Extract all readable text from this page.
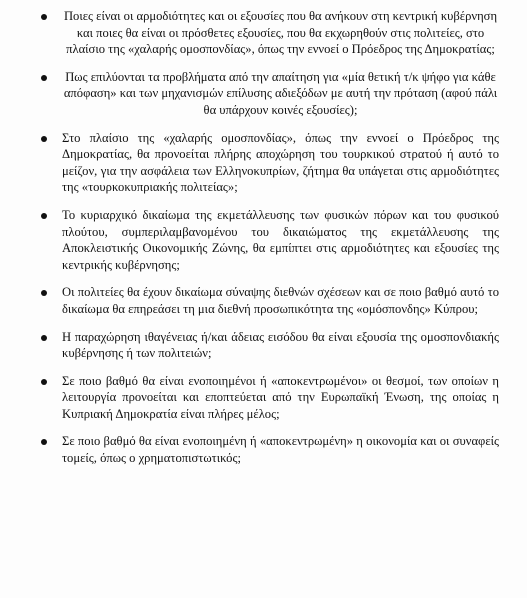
Ποιες είναι οι αρμοδιότητες και οι εξουσίες που θα ανήκουν στη κεντρική κυβέρνηση και ποιες θα είναι οι πρόσθετες εξουσίες, που θα εκχωρηθούν στις πολιτείες, στο πλαίσιο της «χαλαρής ομοσπονδίας», όπως την εννοεί ο Πρόεδρος της Δημοκρατίας;
Πως επιλύονται τα προβλήματα από την απαίτηση για «μία θετική τ/κ ψήφο για κάθε απόφαση» και των μηχανισμών επίλυσης αδιεξόδων με αυτή την πρόταση (αφού πάλι θα υπάρχουν κοινές εξουσίες);
Στο πλαίσιο της «χαλαρής ομοσπονδίας», όπως την εννοεί ο Πρόεδρος της Δημοκρατίας, θα προνοείται πλήρης αποχώρηση του τουρκικού στρατού ή αυτό το μείζον, για την ασφάλεια των Ελληνοκυπρίων, ζήτημα θα υπάγεται στις αρμοδιότητες της «τουρκοκυπριακής πολιτείας»;
Το κυριαρχικό δικαίωμα της εκμετάλλευσης των φυσικών πόρων και του φυσικού πλούτου, συμπεριλαμβανομένου του δικαιώματος της εκμετάλλευσης της Αποκλειστικής Οικονομικής Ζώνης, θα εμπίπτει στις αρμοδιότητες και εξουσίες της κεντρικής κυβέρνησης;
Οι πολιτείες θα έχουν δικαίωμα σύναψης διεθνών σχέσεων και σε ποιο βαθμό αυτό το δικαίωμα θα επηρεάσει τη μια διεθνή προσωπικότητα της «ομόσπονδης» Κύπρου;
Η παραχώρηση ιθαγένειας ή/και άδειας εισόδου θα είναι εξουσία της ομοσπονδιακής κυβέρνησης ή των πολιτειών;
Σε ποιο βαθμό θα είναι ενοποιημένοι ή «αποκεντρωμένοι» οι θεσμοί, των οποίων η λειτουργία προνοείται και εποπτεύεται από την Ευρωπαϊκή Ένωση, της οποίας η Κυπριακή Δημοκρατία είναι πλήρες μέλος;
Σε ποιο βαθμό θα είναι ενοποιημένη ή «αποκεντρωμένη» η οικονομία και οι συναφείς τομείς, όπως ο χρηματοπιστωτικός;
